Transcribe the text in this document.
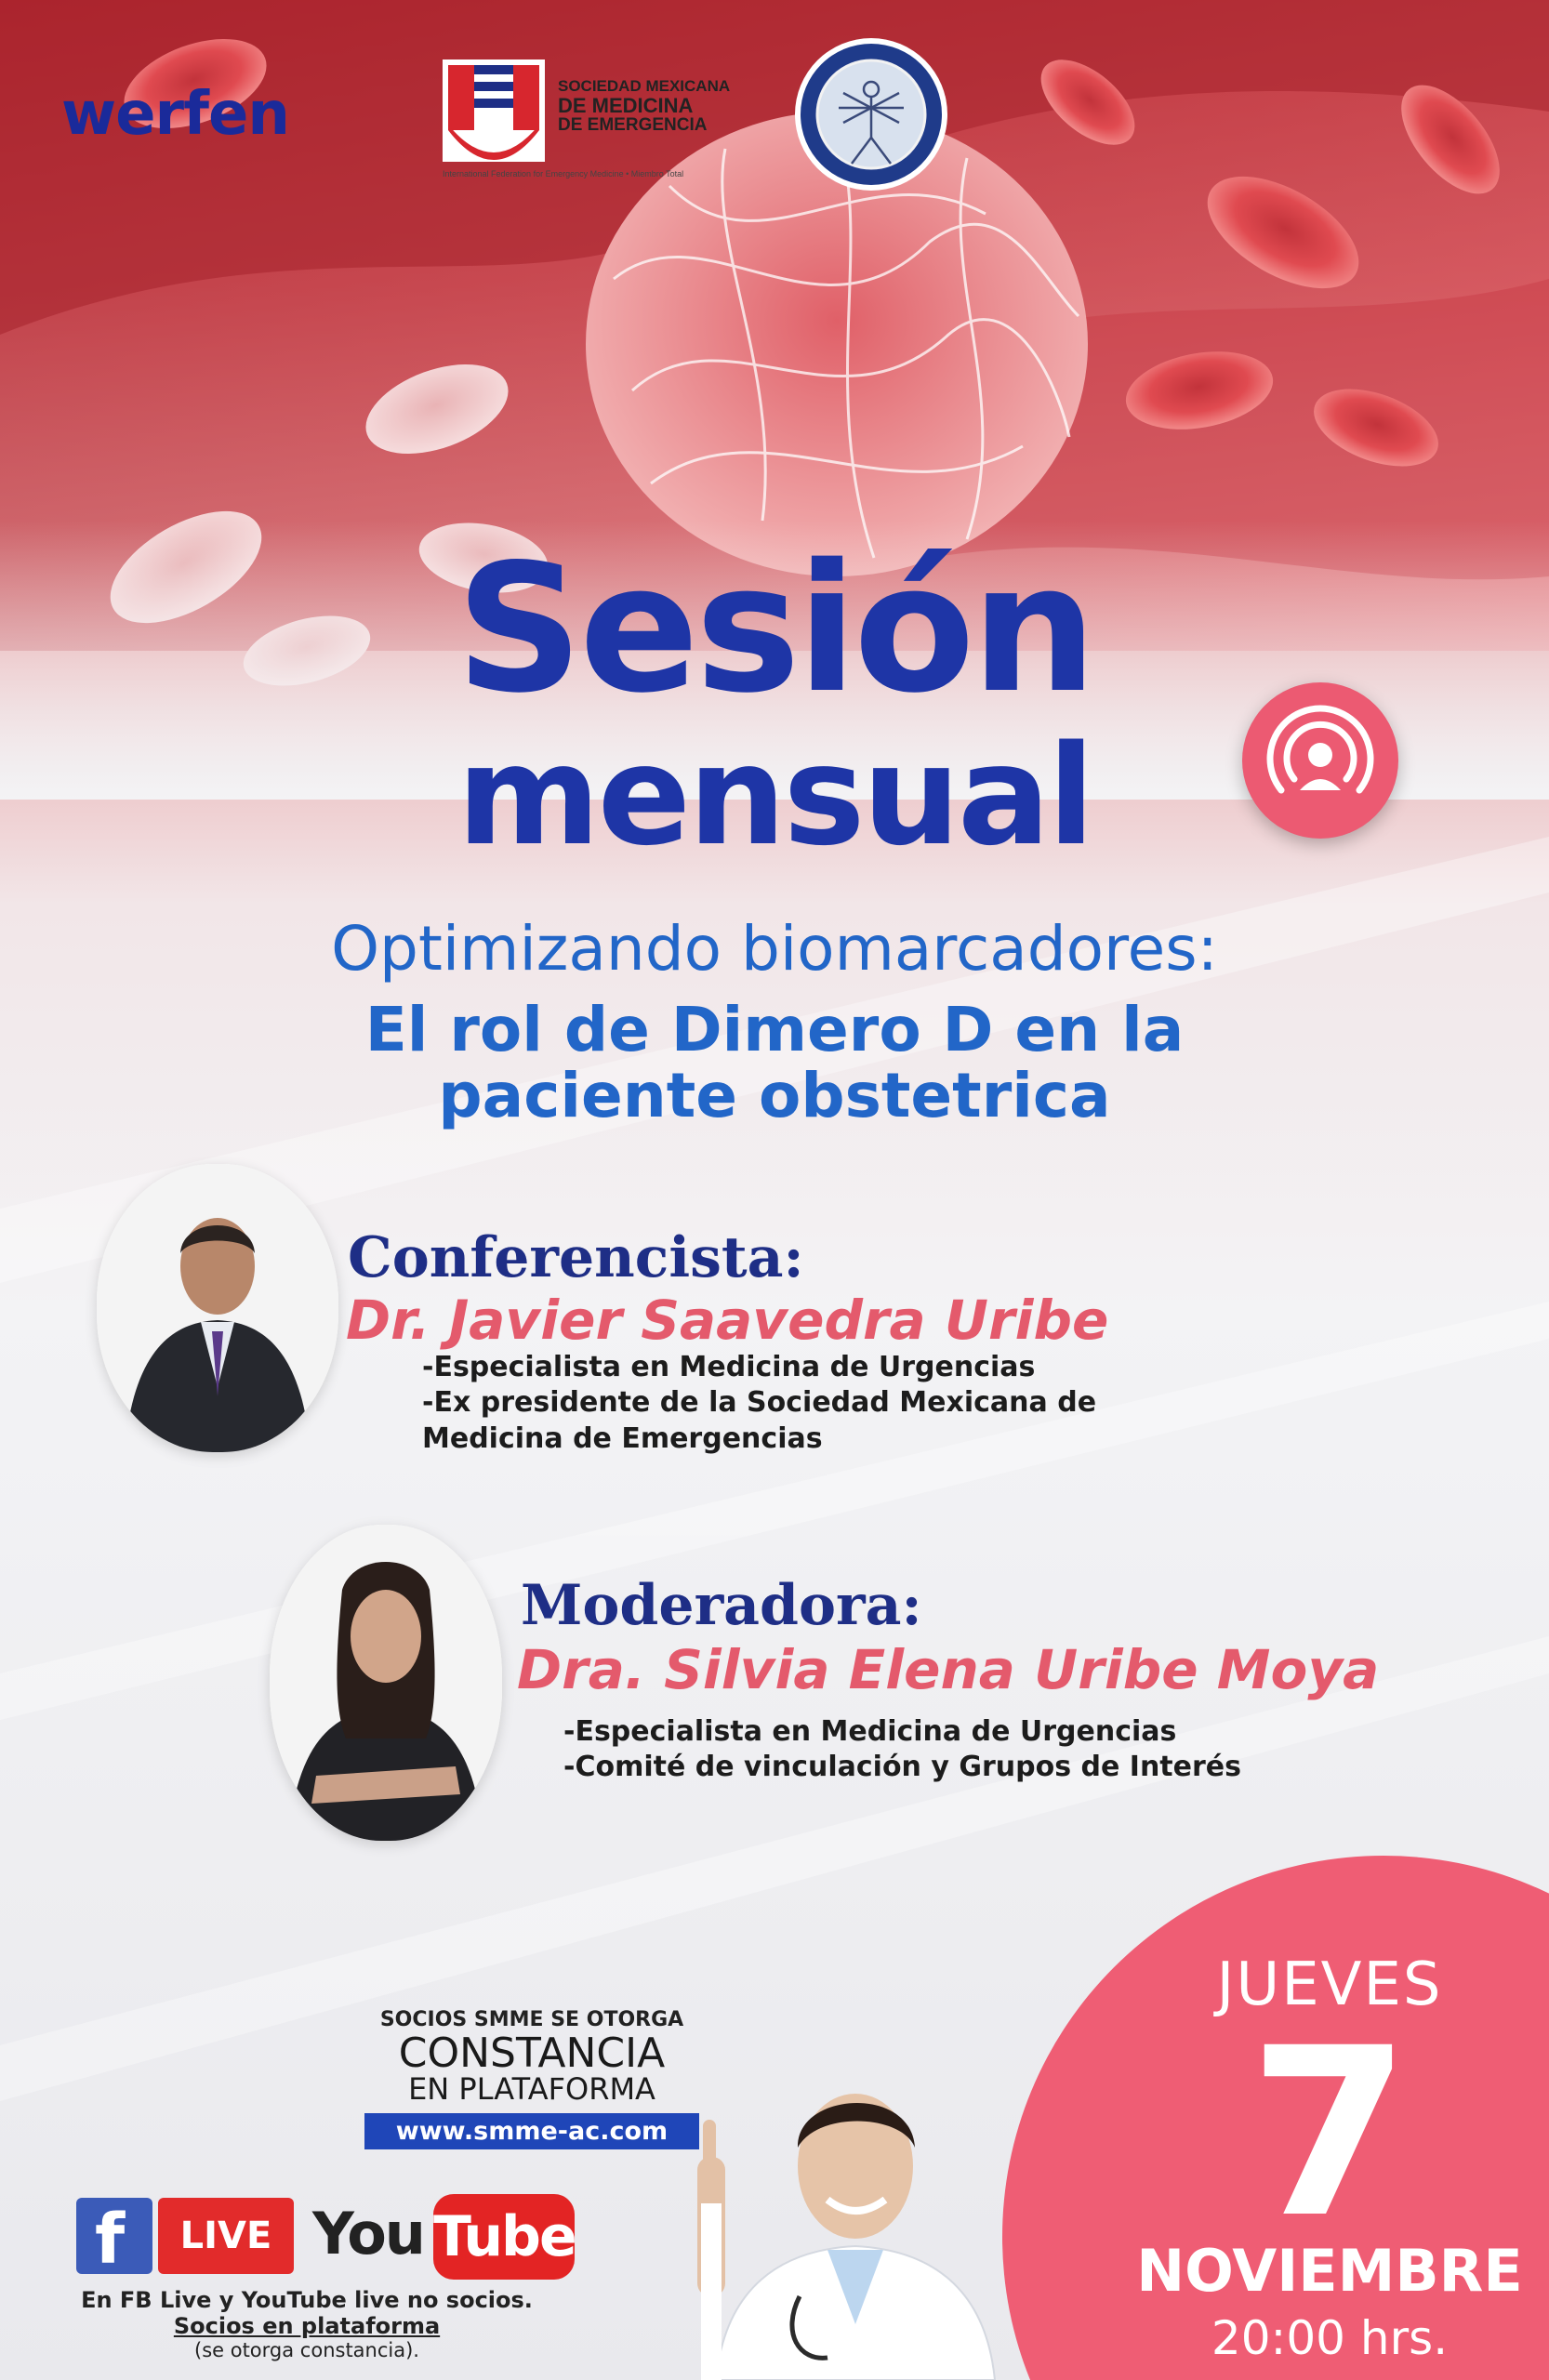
werfen	SOCIEDAD MEXICANA
DE MEDICINA
DE EMERGENCIA
International Federation for Emergency Medicine • Miembro Total
Sesión
mensual
Optimizando biomarcadores:
El rol de Dimero D en la
paciente obstetrica
Conferencista:
Dr. Javier Saavedra Uribe
-Especialista en Medicina de Urgencias
-Ex presidente de la Sociedad Mexicana de
Medicina de Emergencias
Moderadora:
Dra. Silvia Elena Uribe Moya
-Especialista en Medicina de Urgencias
-Comité de vinculación y Grupos de Interés
SOCIOS SMME SE OTORGA
CONSTANCIA
EN PLATAFORMA
www.smme-ac.com
f	LIVE You Tube
En FB Live y YouTube live no socios.
Socios en plataforma
(se otorga constancia).
JUEVES
7
NOVIEMBRE
20:00 hrs.
